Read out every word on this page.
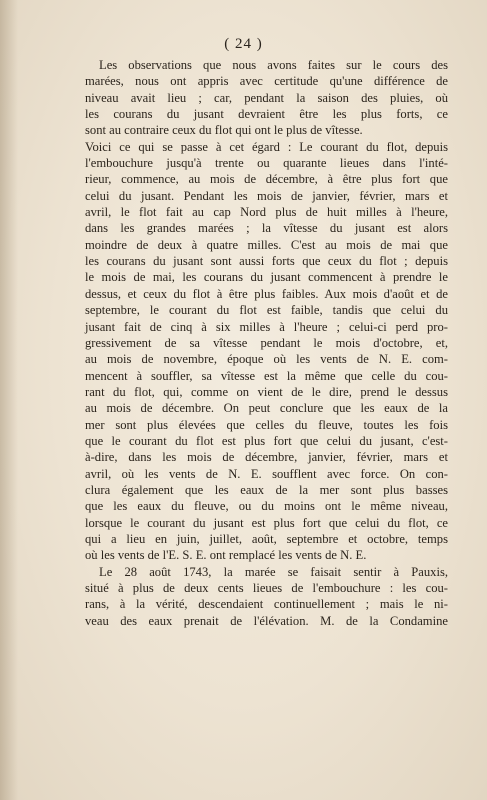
( 24 )
Les observations que nous avons faites sur le cours des
marées, nous ont appris avec certitude qu'une différence de
niveau avait lieu ; car, pendant la saison des pluies, où
les courans du jusant devraient être les plus forts, ce
sont au contraire ceux du flot qui ont le plus de vîtesse.
Voici ce qui se passe à cet égard : Le courant du flot, depuis
l'embouchure jusqu'à trente ou quarante lieues dans l'inté-
rieur, commence, au mois de décembre, à être plus fort que
celui du jusant. Pendant les mois de janvier, février, mars et
avril, le flot fait au cap Nord plus de huit milles à l'heure,
dans les grandes marées ; la vîtesse du jusant est alors
moindre de deux à quatre milles. C'est au mois de mai que
les courans du jusant sont aussi forts que ceux du flot ; depuis
le mois de mai, les courans du jusant commencent à prendre le
dessus, et ceux du flot à être plus faibles. Aux mois d'août et de
septembre, le courant du flot est faible, tandis que celui du
jusant fait de cinq à six milles à l'heure ; celui-ci perd pro-
gressivement de sa vîtesse pendant le mois d'octobre, et,
au mois de novembre, époque où les vents de N. E. com-
mencent à souffler, sa vîtesse est la même que celle du cou-
rant du flot, qui, comme on vient de le dire, prend le dessus
au mois de décembre. On peut conclure que les eaux de la
mer sont plus élevées que celles du fleuve, toutes les fois
que le courant du flot est plus fort que celui du jusant, c'est-
à-dire, dans les mois de décembre, janvier, février, mars et
avril, où les vents de N. E. soufflent avec force. On con-
clura également que les eaux de la mer sont plus basses
que les eaux du fleuve, ou du moins ont le même niveau,
lorsque le courant du jusant est plus fort que celui du flot, ce
qui a lieu en juin, juillet, août, septembre et octobre, temps
où les vents de l'E. S. E. ont remplacé les vents de N. E.
Le 28 août 1743, la marée se faisait sentir à Pauxis,
situé à plus de deux cents lieues de l'embouchure : les cou-
rans, à la vérité, descendaient continuellement ; mais le ni-
veau des eaux prenait de l'élévation. M. de la Condamine
